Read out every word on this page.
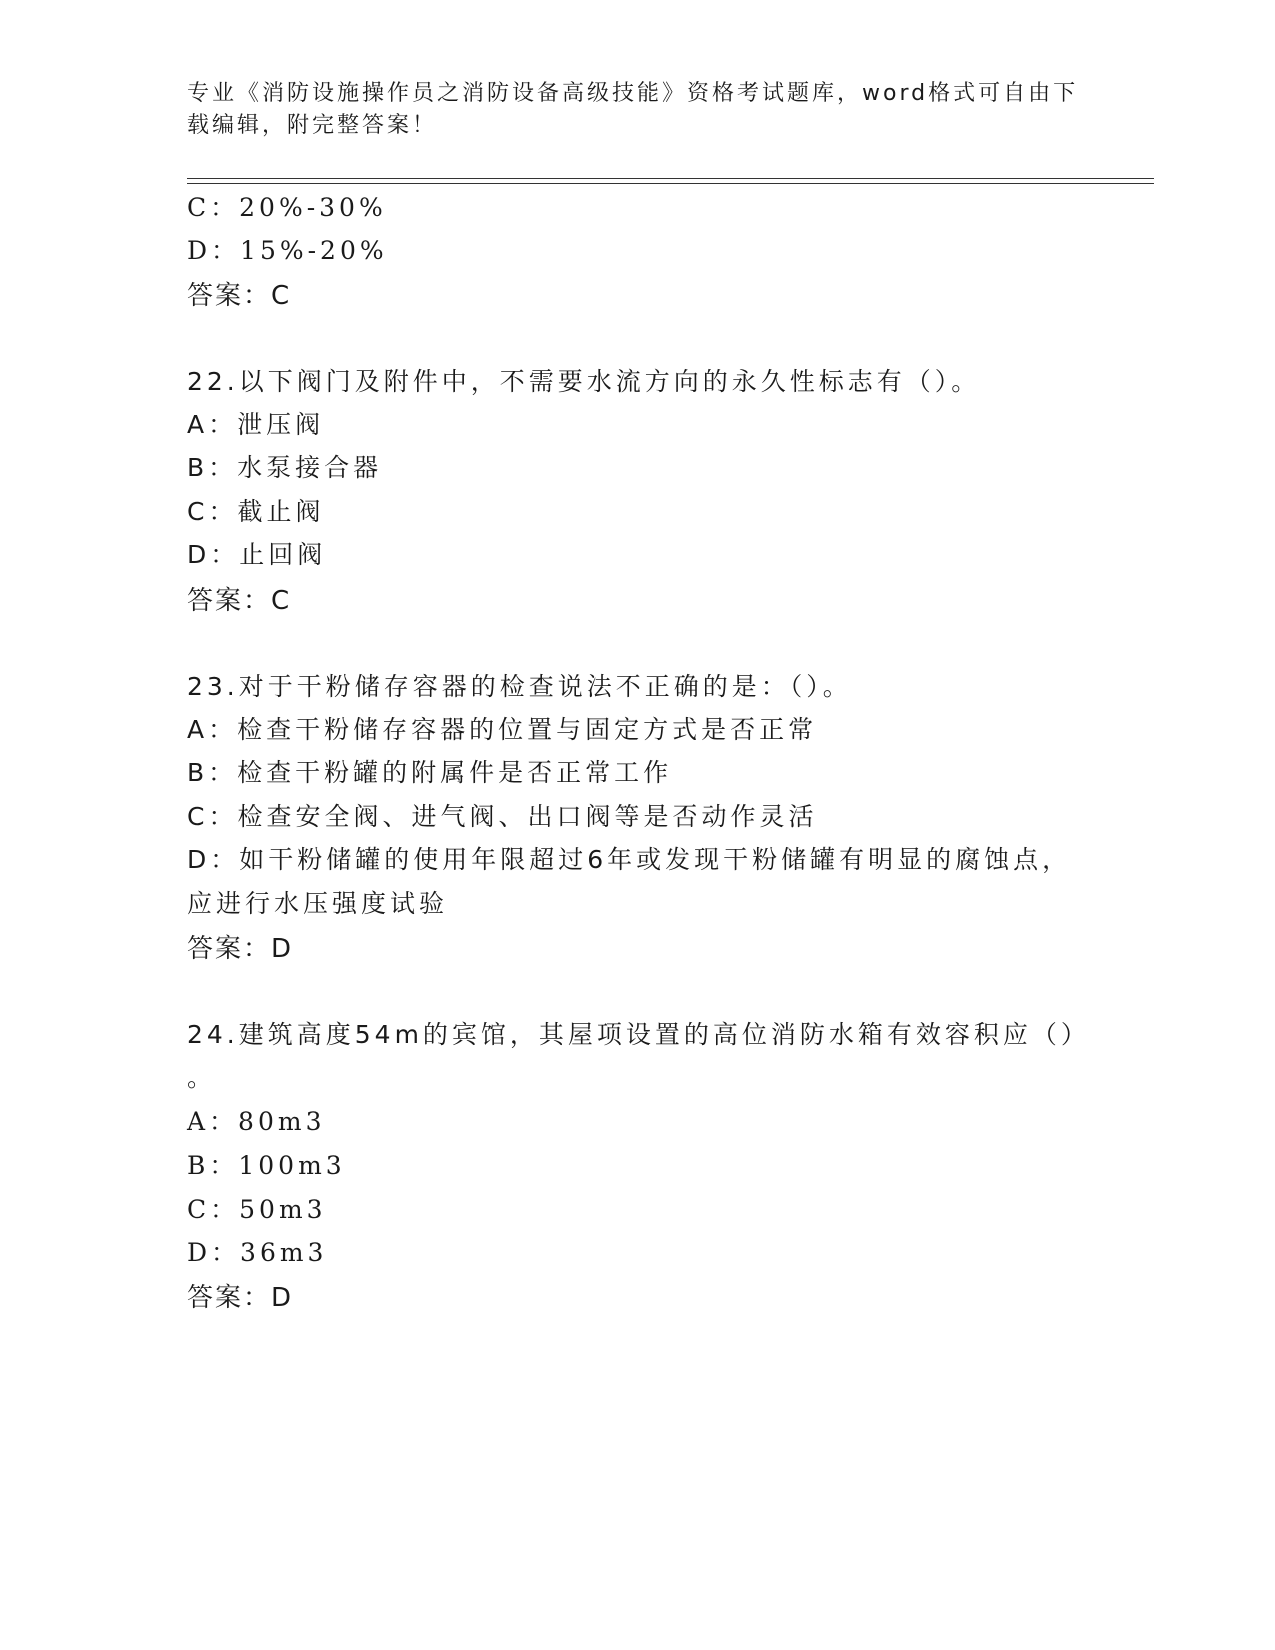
专业《消防设施操作员之消防设备高级技能》资格考试题库，word格式可自由下
载编辑，附完整答案！
C：20%-30%
D：15%-20%
答案：C
22.以下阀门及附件中，不需要水流方向的永久性标志有（）。
A：泄压阀
B：水泵接合器
C：截止阀
D：止回阀
答案：C
23.对于干粉储存容器的检查说法不正确的是：（）。
A：检查干粉储存容器的位置与固定方式是否正常
B：检查干粉罐的附属件是否正常工作
C：检查安全阀、进气阀、出口阀等是否动作灵活
D：如干粉储罐的使用年限超过6年或发现干粉储罐有明显的腐蚀点，
应进行水压强度试验
答案：D
24.建筑高度54m的宾馆，其屋项设置的高位消防水箱有效容积应（）
。
A：80m3
B：100m3
C：50m3
D：36m3
答案：D
